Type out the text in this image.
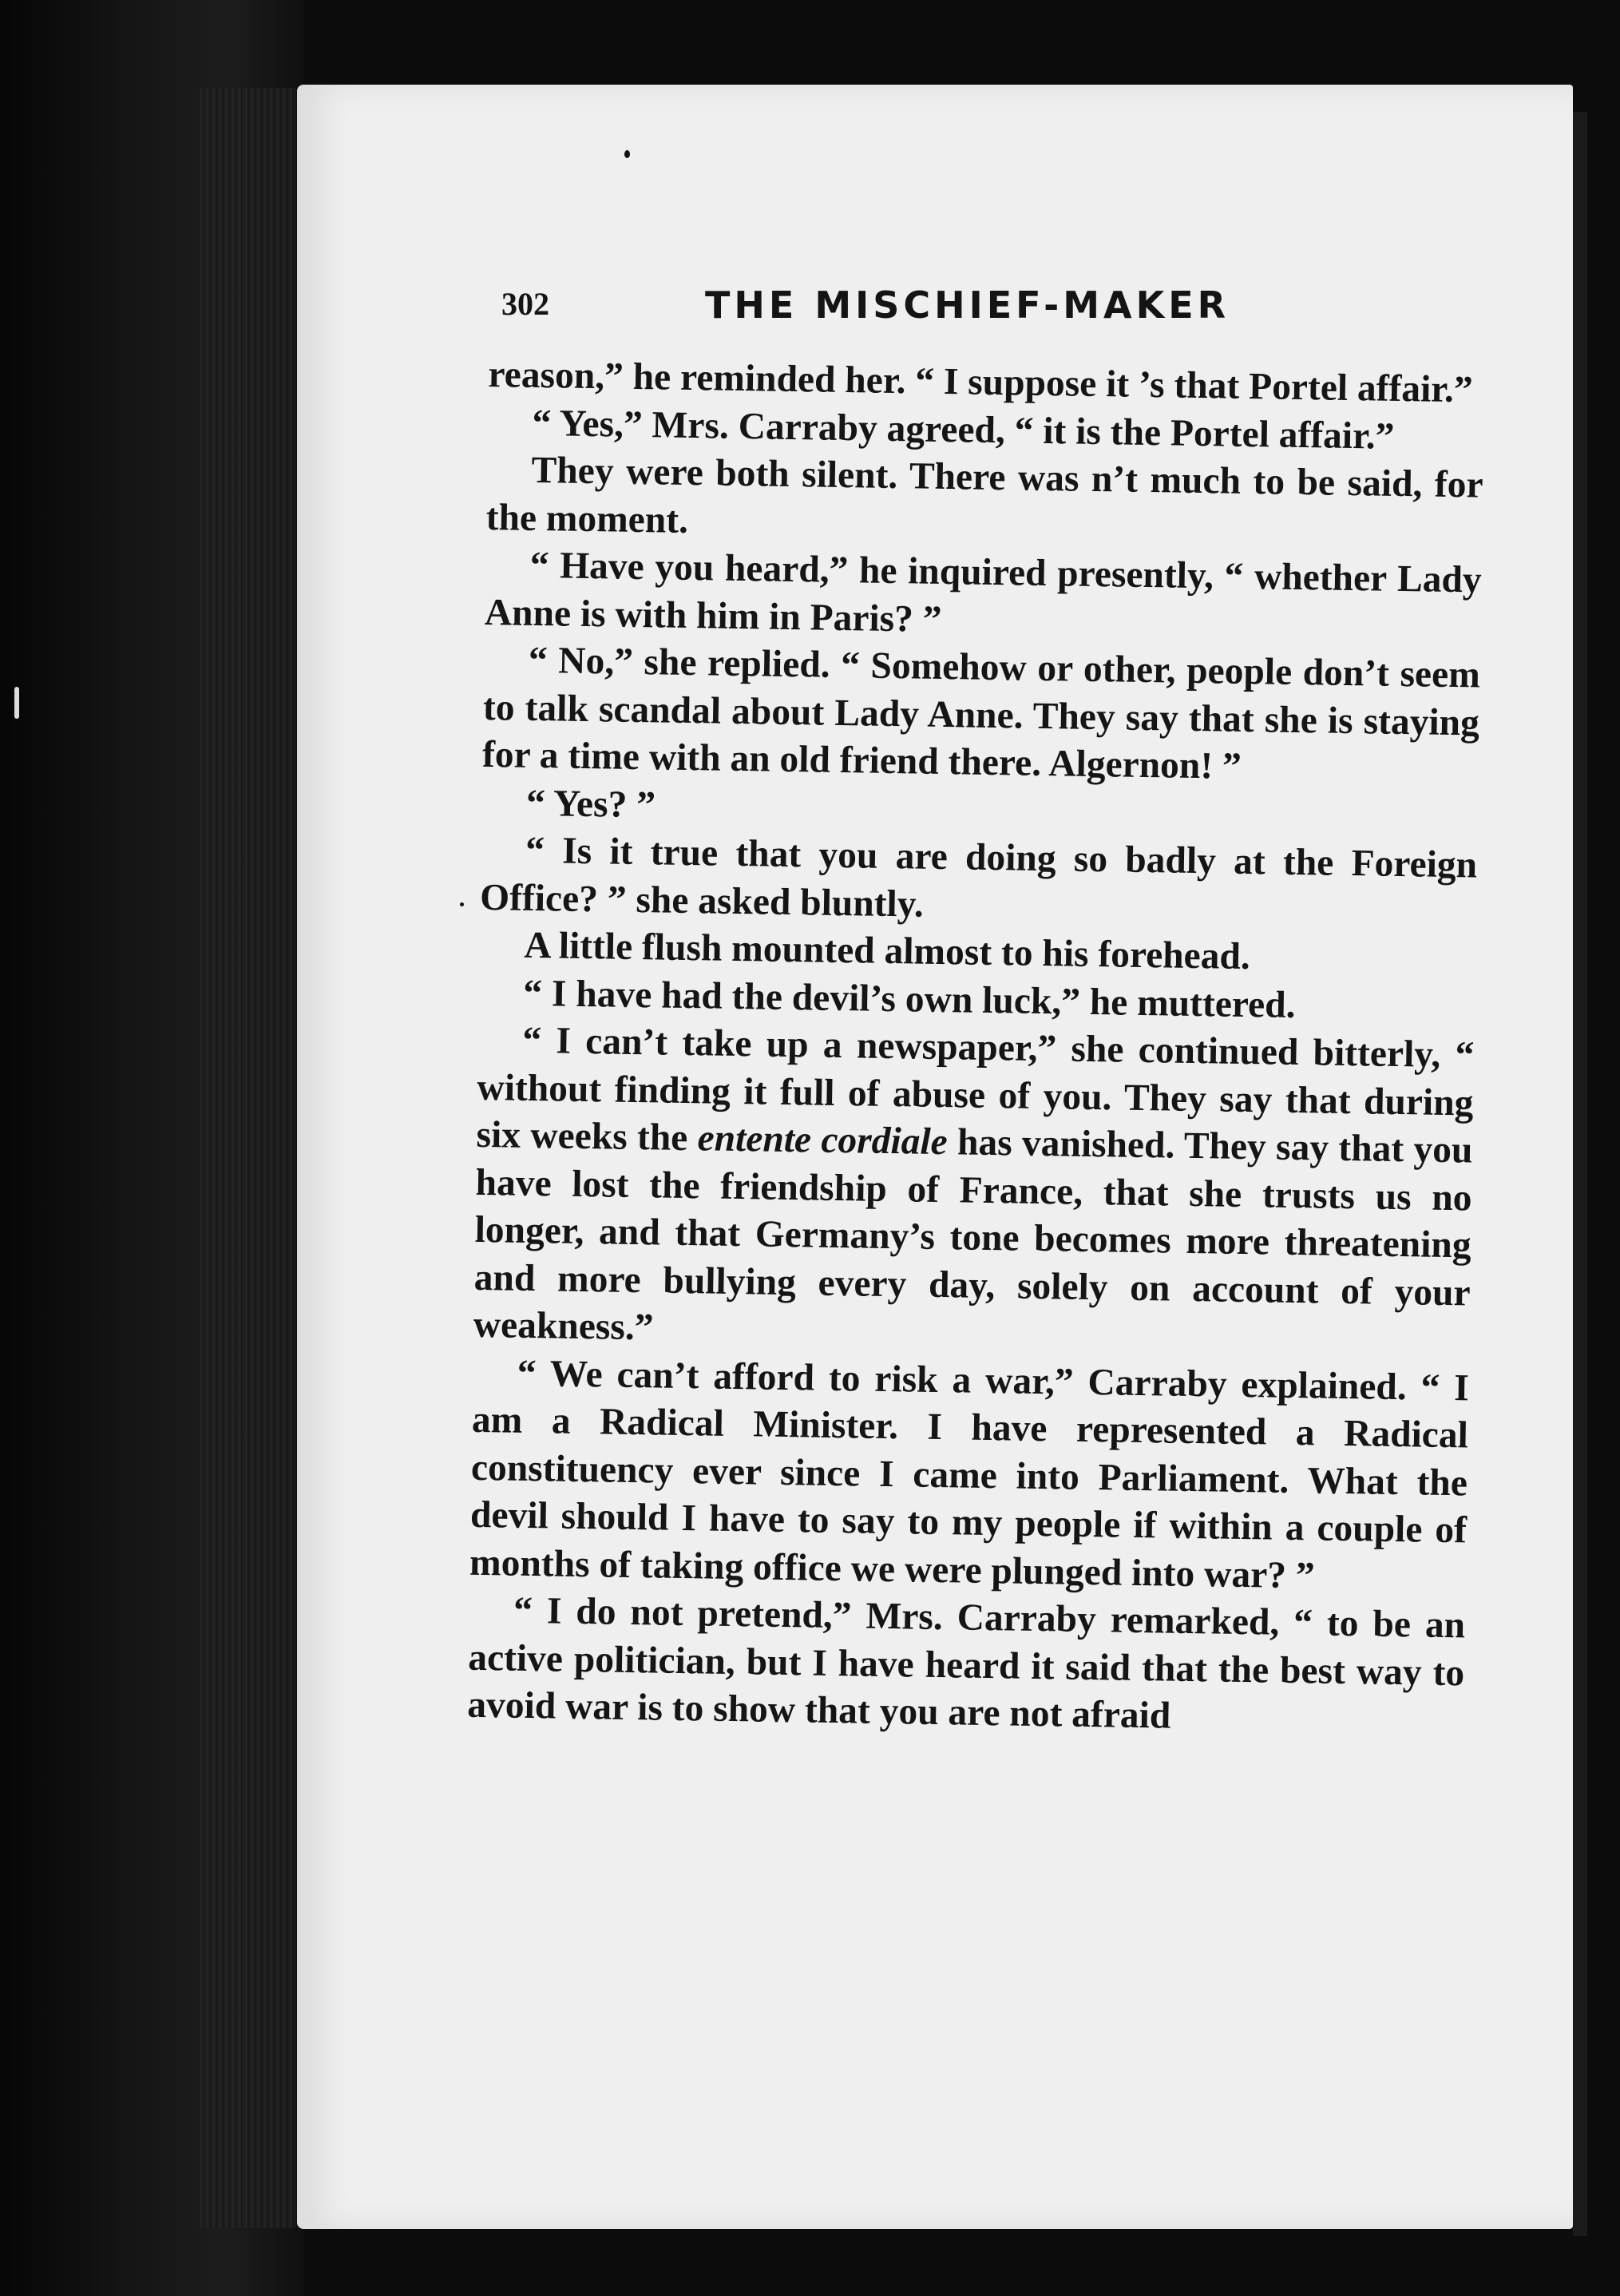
302	THE MISCHIEF-MAKER

reason,” he reminded her. “ I suppose it ’s that Portel affair.”

“ Yes,” Mrs. Carraby agreed, “ it is the Portel affair.”

They were both silent. There was n’t much to be said, for the moment.

“ Have you heard,” he inquired presently, “ whether Lady Anne is with him in Paris? ”

“ No,” she replied. “ Somehow or other, people don’t seem to talk scandal about Lady Anne. They say that she is staying for a time with an old friend there. Algernon! ”

“ Yes? ”

“ Is it true that you are doing so badly at the Foreign Office? ” she asked bluntly.

A little flush mounted almost to his forehead.

“ I have had the devil’s own luck,” he muttered.

“ I can’t take up a newspaper,” she continued bitterly, “ without finding it full of abuse of you. They say that during six weeks the entente cordiale has vanished. They say that you have lost the friendship of France, that she trusts us no longer, and that Germany’s tone becomes more threatening and more bullying every day, solely on account of your weakness.”

“ We can’t afford to risk a war,” Carraby explained. “ I am a Radical Minister. I have represented a Radical constituency ever since I came into Parliament. What the devil should I have to say to my people if within a couple of months of taking office we were plunged into war? ”

“ I do not pretend,” Mrs. Carraby remarked, “ to be an active politician, but I have heard it said that the best way to avoid war is to show that you are not afraid
